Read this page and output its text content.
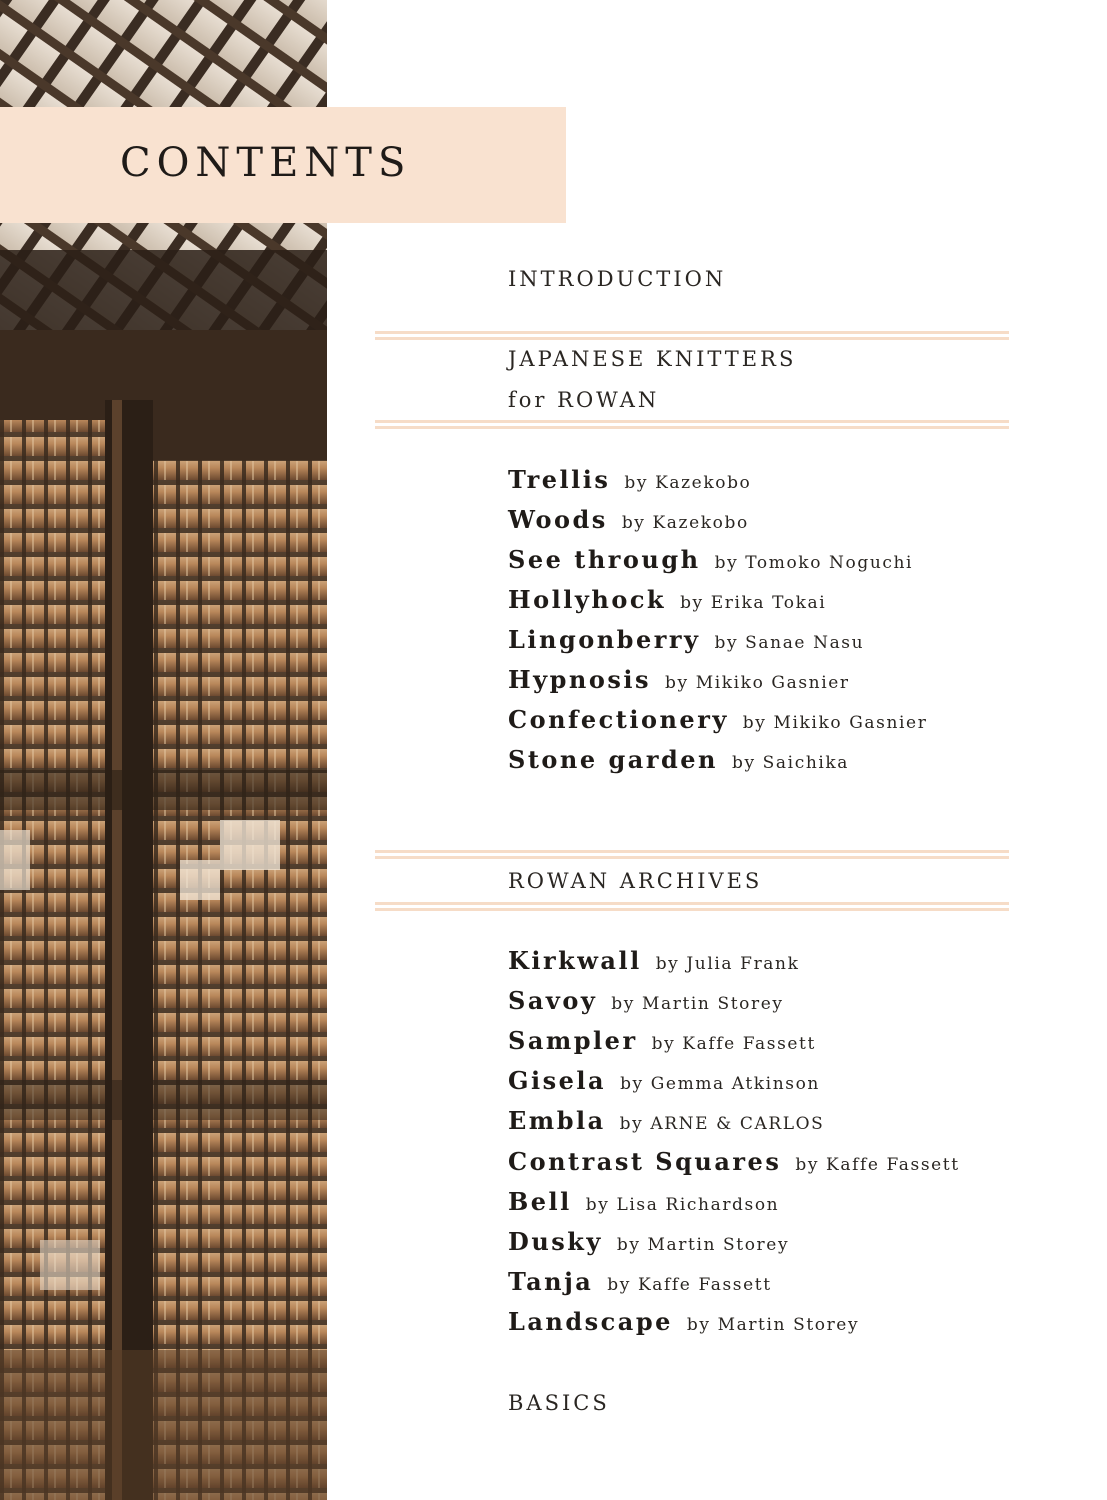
CONTENTS
INTRODUCTION
JAPANESE KNITTERS
for ROWAN
Trellis by Kazekobo
Woods by Kazekobo
See through by Tomoko Noguchi
Hollyhock by Erika Tokai
Lingonberry by Sanae Nasu
Hypnosis by Mikiko Gasnier
Confectionery by Mikiko Gasnier
Stone garden by Saichika
ROWAN ARCHIVES
Kirkwall by Julia Frank
Savoy by Martin Storey
Sampler by Kaffe Fassett
Gisela by Gemma Atkinson
Embla by ARNE & CARLOS
Contrast Squares by Kaffe Fassett
Bell by Lisa Richardson
Dusky by Martin Storey
Tanja by Kaffe Fassett
Landscape by Martin Storey
BASICS
